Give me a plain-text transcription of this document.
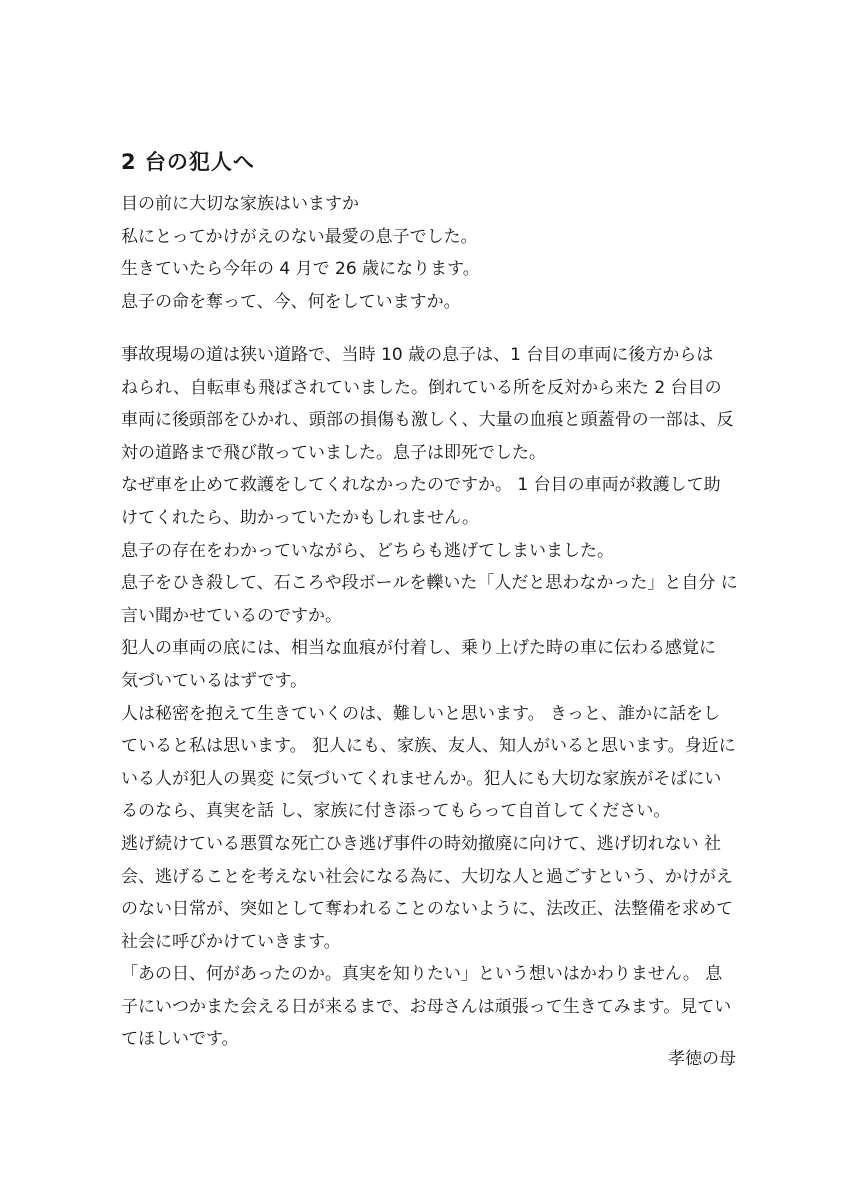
2 台の犯人へ
目の前に大切な家族はいますか
私にとってかけがえのない最愛の息子でした。
生きていたら今年の 4 月で 26 歳になります。
息子の命を奪って、今、何をしていますか。
事故現場の道は狭い道路で、当時 10 歳の息子は、1 台目の車両に後方からは
ねられ、自転車も飛ばされていました。倒れている所を反対から来た 2 台目の
車両に後頭部をひかれ、頭部の損傷も激しく、大量の血痕と頭蓋骨の一部は、反
対の道路まで飛び散っていました。息子は即死でした。
なぜ車を止めて救護をしてくれなかったのですか。 1 台目の車両が救護して助
けてくれたら、助かっていたかもしれません。
息子の存在をわかっていながら、どちらも逃げてしまいました。
息子をひき殺して、石ころや段ボールを轢いた「人だと思わなかった」と自分 に
言い聞かせているのですか。
犯人の車両の底には、相当な血痕が付着し、乗り上げた時の車に伝わる感覚に
気づいているはずです。
人は秘密を抱えて生きていくのは、難しいと思います。 きっと、誰かに話をし
ていると私は思います。 犯人にも、家族、友人、知人がいると思います。身近に
いる人が犯人の異変 に気づいてくれませんか。犯人にも大切な家族がそばにい
るのなら、真実を話 し、家族に付き添ってもらって自首してください。
逃げ続けている悪質な死亡ひき逃げ事件の時効撤廃に向けて、逃げ切れない 社
会、逃げることを考えない社会になる為に、大切な人と過ごすという、かけがえ
のない日常が、突如として奪われることのないように、法改正、法整備を求めて
社会に呼びかけていきます。
「あの日、何があったのか。真実を知りたい」という想いはかわりません。 息
子にいつかまた会える日が来るまで、お母さんは頑張って生きてみます。見てい
てほしいです。
孝徳の母
